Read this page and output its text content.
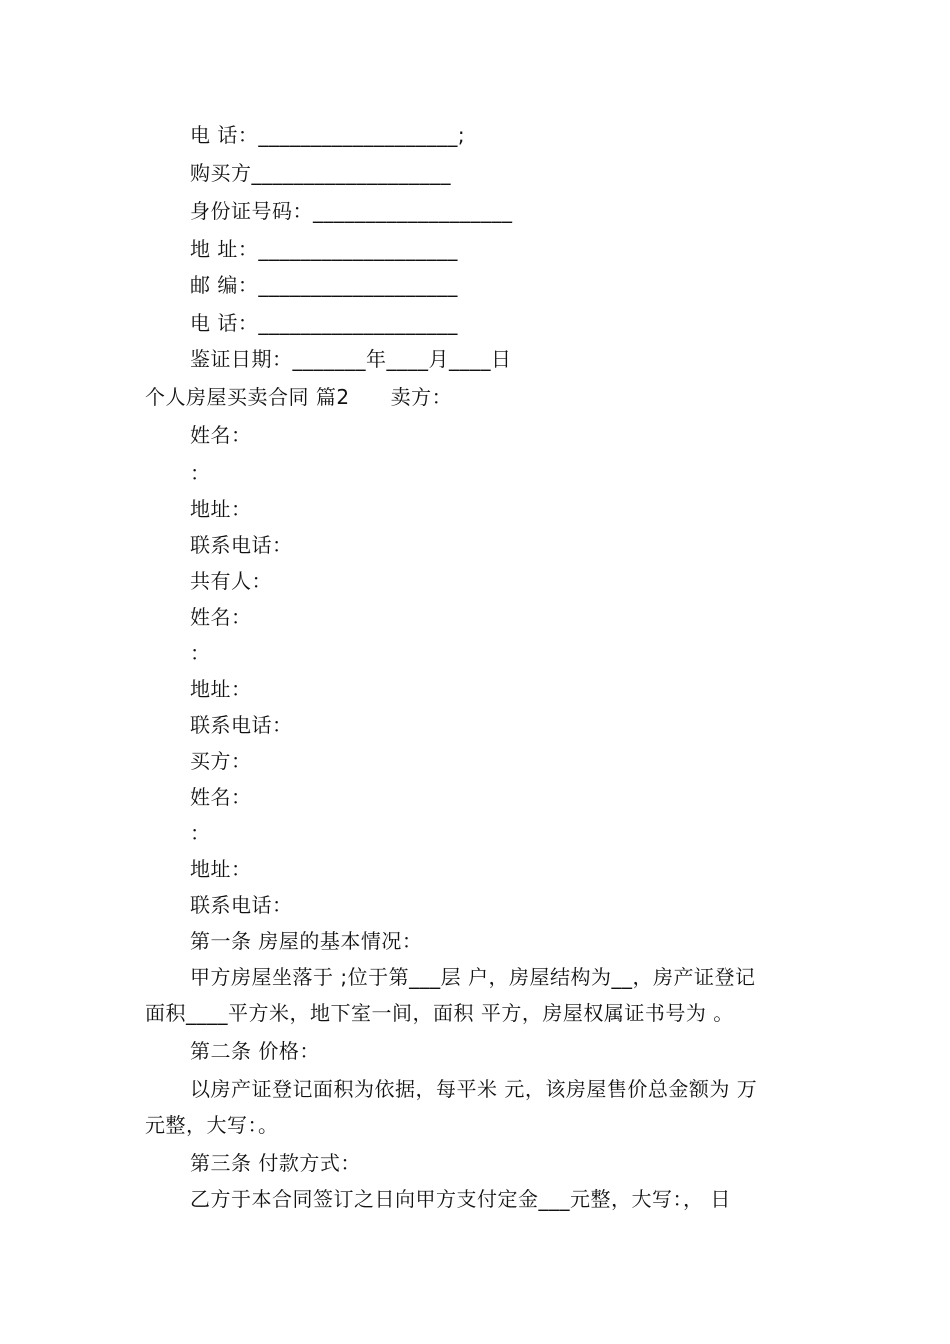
电 话：___________________;
购买方___________________
身份证号码：___________________
地 址：___________________
邮 编：___________________
电 话：___________________
鉴证日期：_______年____月____日
个人房屋买卖合同 篇2　　卖方：
姓名：
：
地址：
联系电话：
共有人：
姓名：
：
地址：
联系电话：
买方：
姓名：
：
地址：
联系电话：
第一条 房屋的基本情况：
甲方房屋坐落于 ;位于第___层 户，房屋结构为__，房产证登记
面积____平方米，地下室一间，面积 平方，房屋权属证书号为 。
第二条 价格：
以房产证登记面积为依据，每平米 元，该房屋售价总金额为 万
元整，大写：。
第三条 付款方式：
乙方于本合同签订之日向甲方支付定金___元整，大写：， 日
